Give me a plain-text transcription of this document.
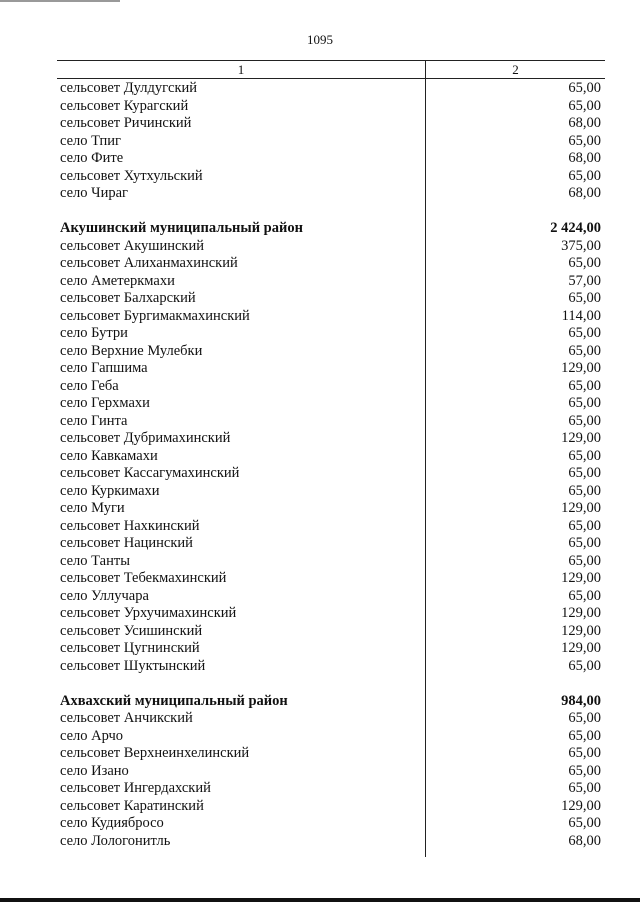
1095
1	2
сельсовет Дулдугский	65,00
сельсовет Курагский	65,00
сельсовет Ричинский	68,00
село Тпиг	65,00
село Фите	68,00
сельсовет Хутхульский	65,00
село Чираг	68,00
Акушинский муниципальный район	2 424,00
сельсовет Акушинский	375,00
сельсовет Алиханмахинский	65,00
село Аметеркмахи	57,00
сельсовет Балхарский	65,00
сельсовет Бургимакмахинский	114,00
село Бутри	65,00
село Верхние Мулебки	65,00
село Гапшима	129,00
село Геба	65,00
село Герхмахи	65,00
село Гинта	65,00
сельсовет Дубримахинский	129,00
село Кавкамахи	65,00
сельсовет Кассагумахинский	65,00
село Куркимахи	65,00
село Муги	129,00
сельсовет Нахкинский	65,00
сельсовет Нацинский	65,00
село Танты	65,00
сельсовет Тебекмахинский	129,00
село Уллучара	65,00
сельсовет Урхучимахинский	129,00
сельсовет Усишинский	129,00
сельсовет Цугнинский	129,00
сельсовет Шуктынский	65,00
Ахвахский муниципальный район	984,00
сельсовет Анчикский	65,00
село Арчо	65,00
сельсовет Верхнеинхелинский	65,00
село Изано	65,00
сельсовет Ингердахский	65,00
сельсовет Каратинский	129,00
село Кудиябросо	65,00
село Лологонитль	68,00
